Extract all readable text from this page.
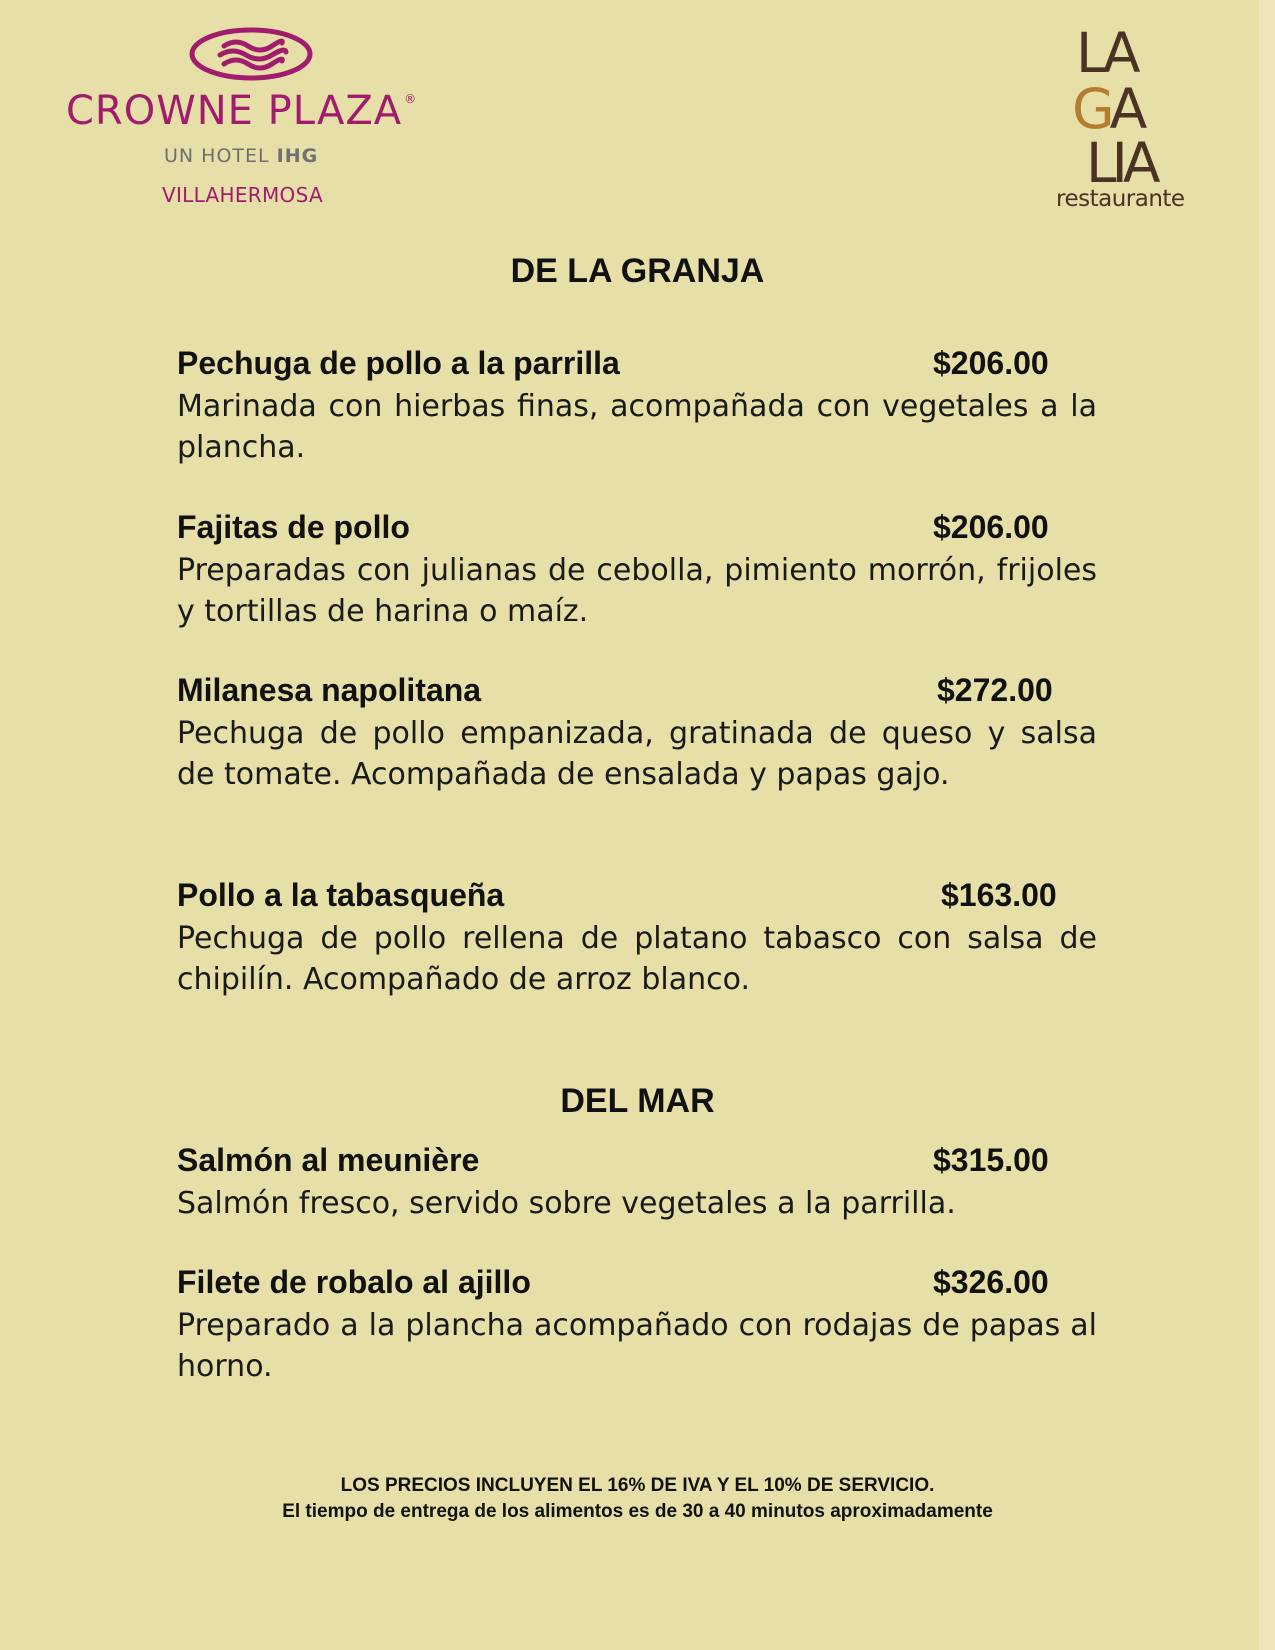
CROWNE PLAZA ®
UN HOTEL IHG
VILLAHERMOSA
LA
GA
LIA
restaurante
DE LA GRANJA
Pechuga de pollo a la parrilla	$206.00
Marinada con hierbas finas, acompañada con vegetales a la plancha.
Fajitas de pollo	$206.00
Preparadas con julianas de cebolla, pimiento morrón, frijoles y tortillas de harina o maíz.
Milanesa napolitana	$272.00
Pechuga de pollo empanizada, gratinada de queso y salsa de tomate. Acompañada de ensalada y papas gajo.
Pollo a la tabasqueña	$163.00
Pechuga de pollo rellena de platano tabasco con salsa de chipilín. Acompañado de arroz blanco.
DEL MAR
Salmón al meunière	$315.00
Salmón fresco, servido sobre vegetales a la parrilla.
Filete de robalo al ajillo	$326.00
Preparado a la plancha acompañado con rodajas de papas al horno.
LOS PRECIOS INCLUYEN EL 16% DE IVA Y EL 10% DE SERVICIO.
El tiempo de entrega de los alimentos es de 30 a 40 minutos aproximadamente
